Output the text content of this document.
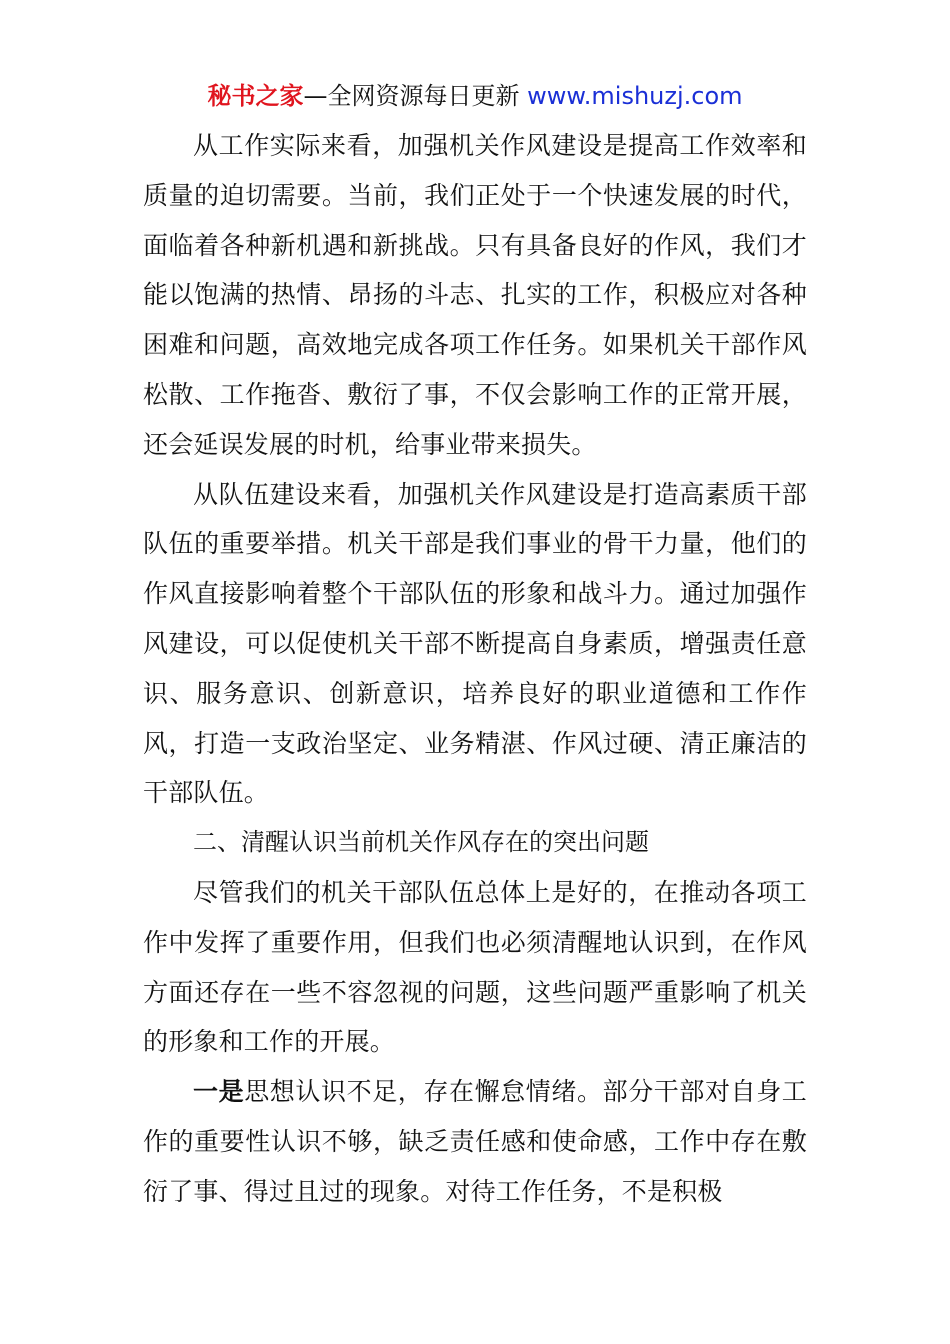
秘书之家—全网资源每日更新 www.mishuzj.com

从工作实际来看，加强机关作风建设是提高工作效率和质量的迫切需要。当前，我们正处于一个快速发展的时代，面临着各种新机遇和新挑战。只有具备良好的作风，我们才能以饱满的热情、昂扬的斗志、扎实的工作，积极应对各种困难和问题，高效地完成各项工作任务。如果机关干部作风松散、工作拖沓、敷衍了事，不仅会影响工作的正常开展，还会延误发展的时机，给事业带来损失。

从队伍建设来看，加强机关作风建设是打造高素质干部队伍的重要举措。机关干部是我们事业的骨干力量，他们的作风直接影响着整个干部队伍的形象和战斗力。通过加强作风建设，可以促使机关干部不断提高自身素质，增强责任意识、服务意识、创新意识，培养良好的职业道德和工作作风，打造一支政治坚定、业务精湛、作风过硬、清正廉洁的干部队伍。

二、清醒认识当前机关作风存在的突出问题

尽管我们的机关干部队伍总体上是好的，在推动各项工作中发挥了重要作用，但我们也必须清醒地认识到，在作风方面还存在一些不容忽视的问题，这些问题严重影响了机关的形象和工作的开展。

一是思想认识不足，存在懈怠情绪。部分干部对自身工作的重要性认识不够，缺乏责任感和使命感，工作中存在敷衍了事、得过且过的现象。对待工作任务，不是积极
